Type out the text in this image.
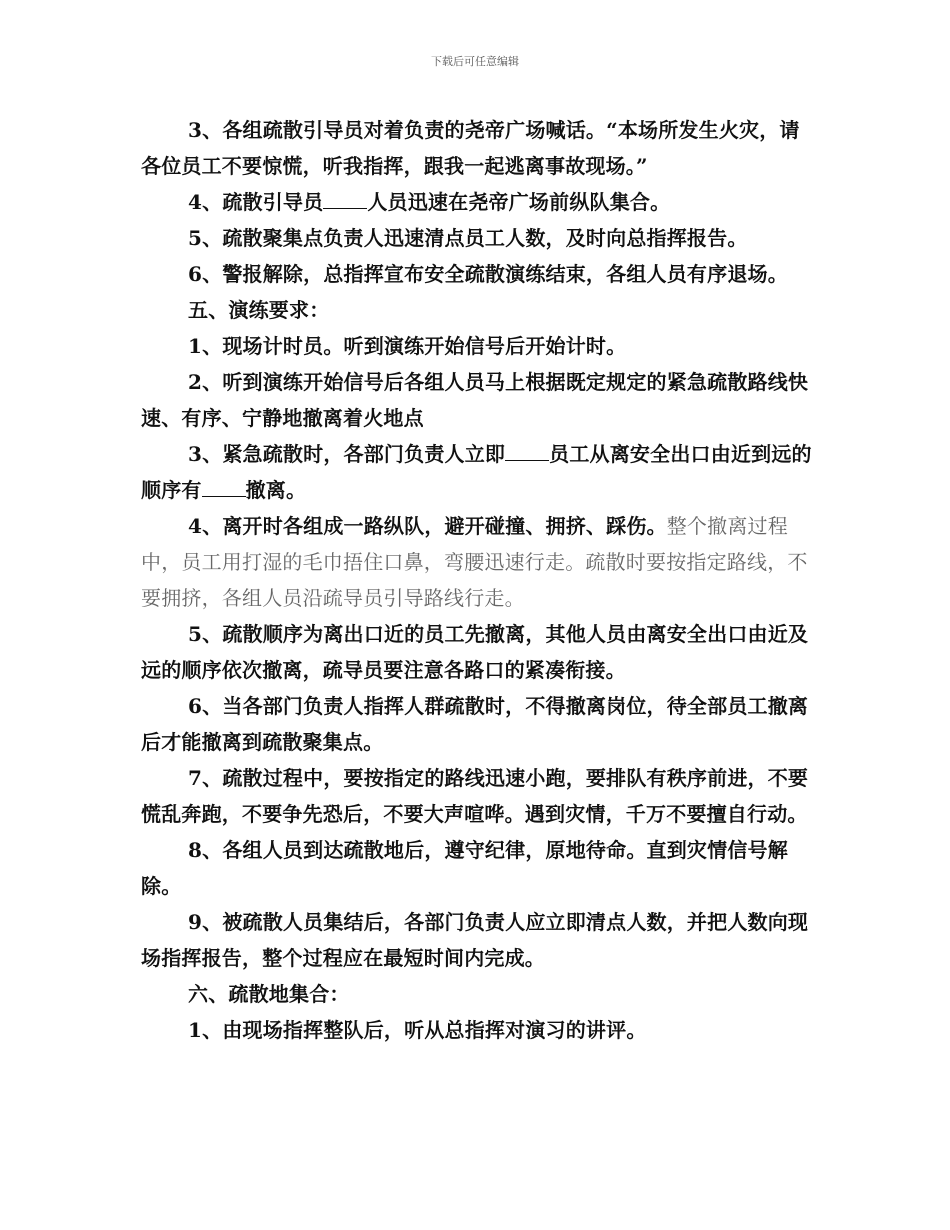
下载后可任意编辑

3、各组疏散引导员对着负责的尧帝广场喊话。“本场所发生火灾，请各位员工不要惊慌，听我指挥，跟我一起逃离事故现场。”

4、疏散引导员 人员迅速在尧帝广场前纵队集合。

5、疏散聚集点负责人迅速清点员工人数，及时向总指挥报告。

6、警报解除，总指挥宣布安全疏散演练结束，各组人员有序退场。

五、演练要求：

1、现场计时员。听到演练开始信号后开始计时。

2、听到演练开始信号后各组人员马上根据既定规定的紧急疏散路线快速、有序、宁静地撤离着火地点

3、紧急疏散时，各部门负责人立即 员工从离安全出口由近到远的顺序有 撤离。

4、离开时各组成一路纵队，避开碰撞、拥挤、踩伤。整个撤离过程中，员工用打湿的毛巾捂住口鼻，弯腰迅速行走。疏散时要按指定路线，不要拥挤，各组人员沿疏导员引导路线行走。

5、疏散顺序为离出口近的员工先撤离，其他人员由离安全出口由近及远的顺序依次撤离，疏导员要注意各路口的紧凑衔接。

6、当各部门负责人指挥人群疏散时，不得撤离岗位，待全部员工撤离后才能撤离到疏散聚集点。

7、疏散过程中，要按指定的路线迅速小跑，要排队有秩序前进，不要慌乱奔跑，不要争先恐后，不要大声喧哗。遇到灾情，千万不要擅自行动。

8、各组人员到达疏散地后，遵守纪律，原地待命。直到灾情信号解除。

9、被疏散人员集结后，各部门负责人应立即清点人数，并把人数向现场指挥报告，整个过程应在最短时间内完成。

六、疏散地集合：

1、由现场指挥整队后，听从总指挥对演习的讲评。
